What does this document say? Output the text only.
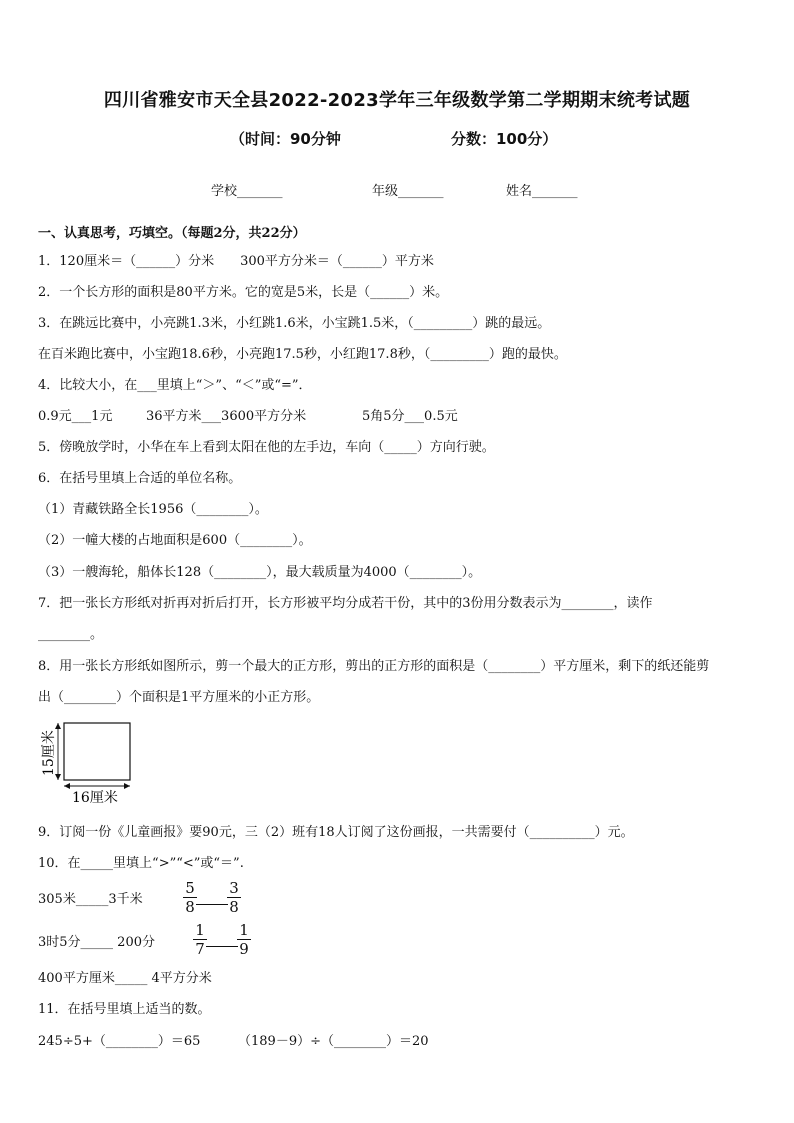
四川省雅安市天全县2022-2023学年三年级数学第二学期期末统考试题
（时间：90分钟	分数：100分）
学校_______	年级_______	姓名_______
一、认真思考，巧填空。（每题2分，共22分）
1．120厘米＝（______）分米　　300平方分米＝（______）平方米
2．一个长方形的面积是80平方米。它的宽是5米，长是（______）米。
3．在跳远比赛中，小亮跳1.3米，小红跳1.6米，小宝跳1.5米，（_________）跳的最远。
在百米跑比赛中，小宝跑18.6秒，小亮跑17.5秒，小红跑17.8秒，（_________）跑的最快。
4．比较大小，在___里填上“＞”、“＜”或“=”．
0.9元___1元	36平方米___3600平方分米	5角5分___0.5元
5．傍晚放学时，小华在车上看到太阳在他的左手边，车向（_____）方向行驶。
6．在括号里填上合适的单位名称。
（1）青藏铁路全长1956（________）。
（2）一幢大楼的占地面积是600（________）。
（3）一艘海轮，船体长128（________），最大载质量为4000（________）。
7．把一张长方形纸对折再对折后打开，长方形被平均分成若干份，其中的3份用分数表示为________，读作
________。
8．用一张长方形纸如图所示，剪一个最大的正方形，剪出的正方形的面积是（________）平方厘米，剩下的纸还能剪
出（________）个面积是1平方厘米的小正方形。
15厘米
16厘米
9．订阅一份《儿童画报》要90元，三（2）班有18人订阅了这份画报，一共需要付（__________）元。
10．在_____里填上“>”“<”或“＝”.
305米_____3千米
5
8
3
8
3时5分_____ 200分
1
7
1
9
400平方厘米_____ 4平方分米
11．在括号里填上适当的数。
245÷5+（________）＝65	（189－9）÷（________）＝20
